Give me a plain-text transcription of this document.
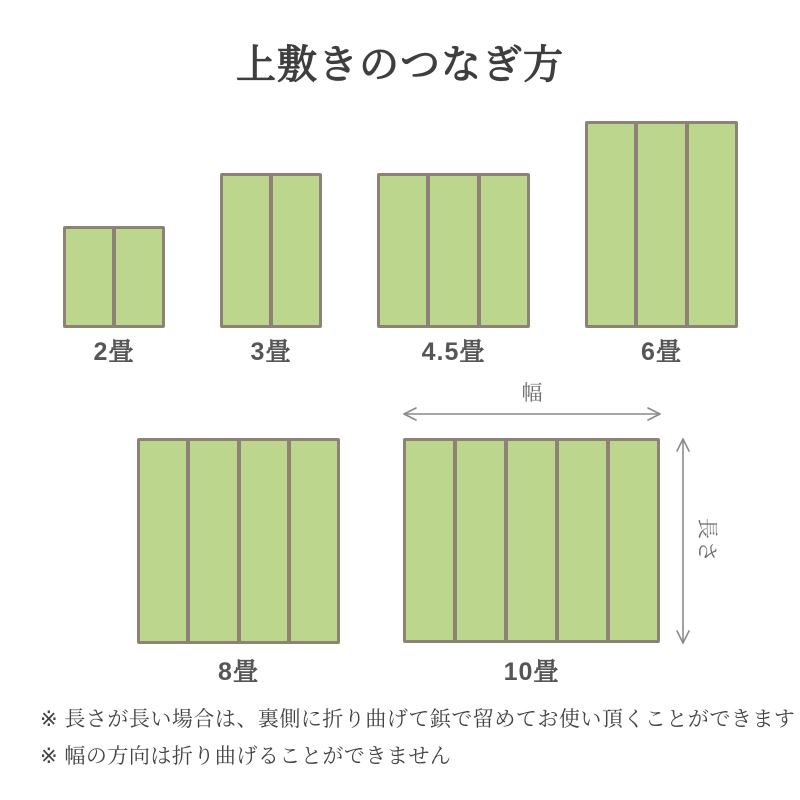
上敷きのつなぎ方

2畳	3畳	4.5畳	6畳

8畳	10畳

幅

長さ

※ 長さが長い場合は、裏側に折り曲げて鋲で留めてお使い頂くことができます

※ 幅の方向は折り曲げることができません
